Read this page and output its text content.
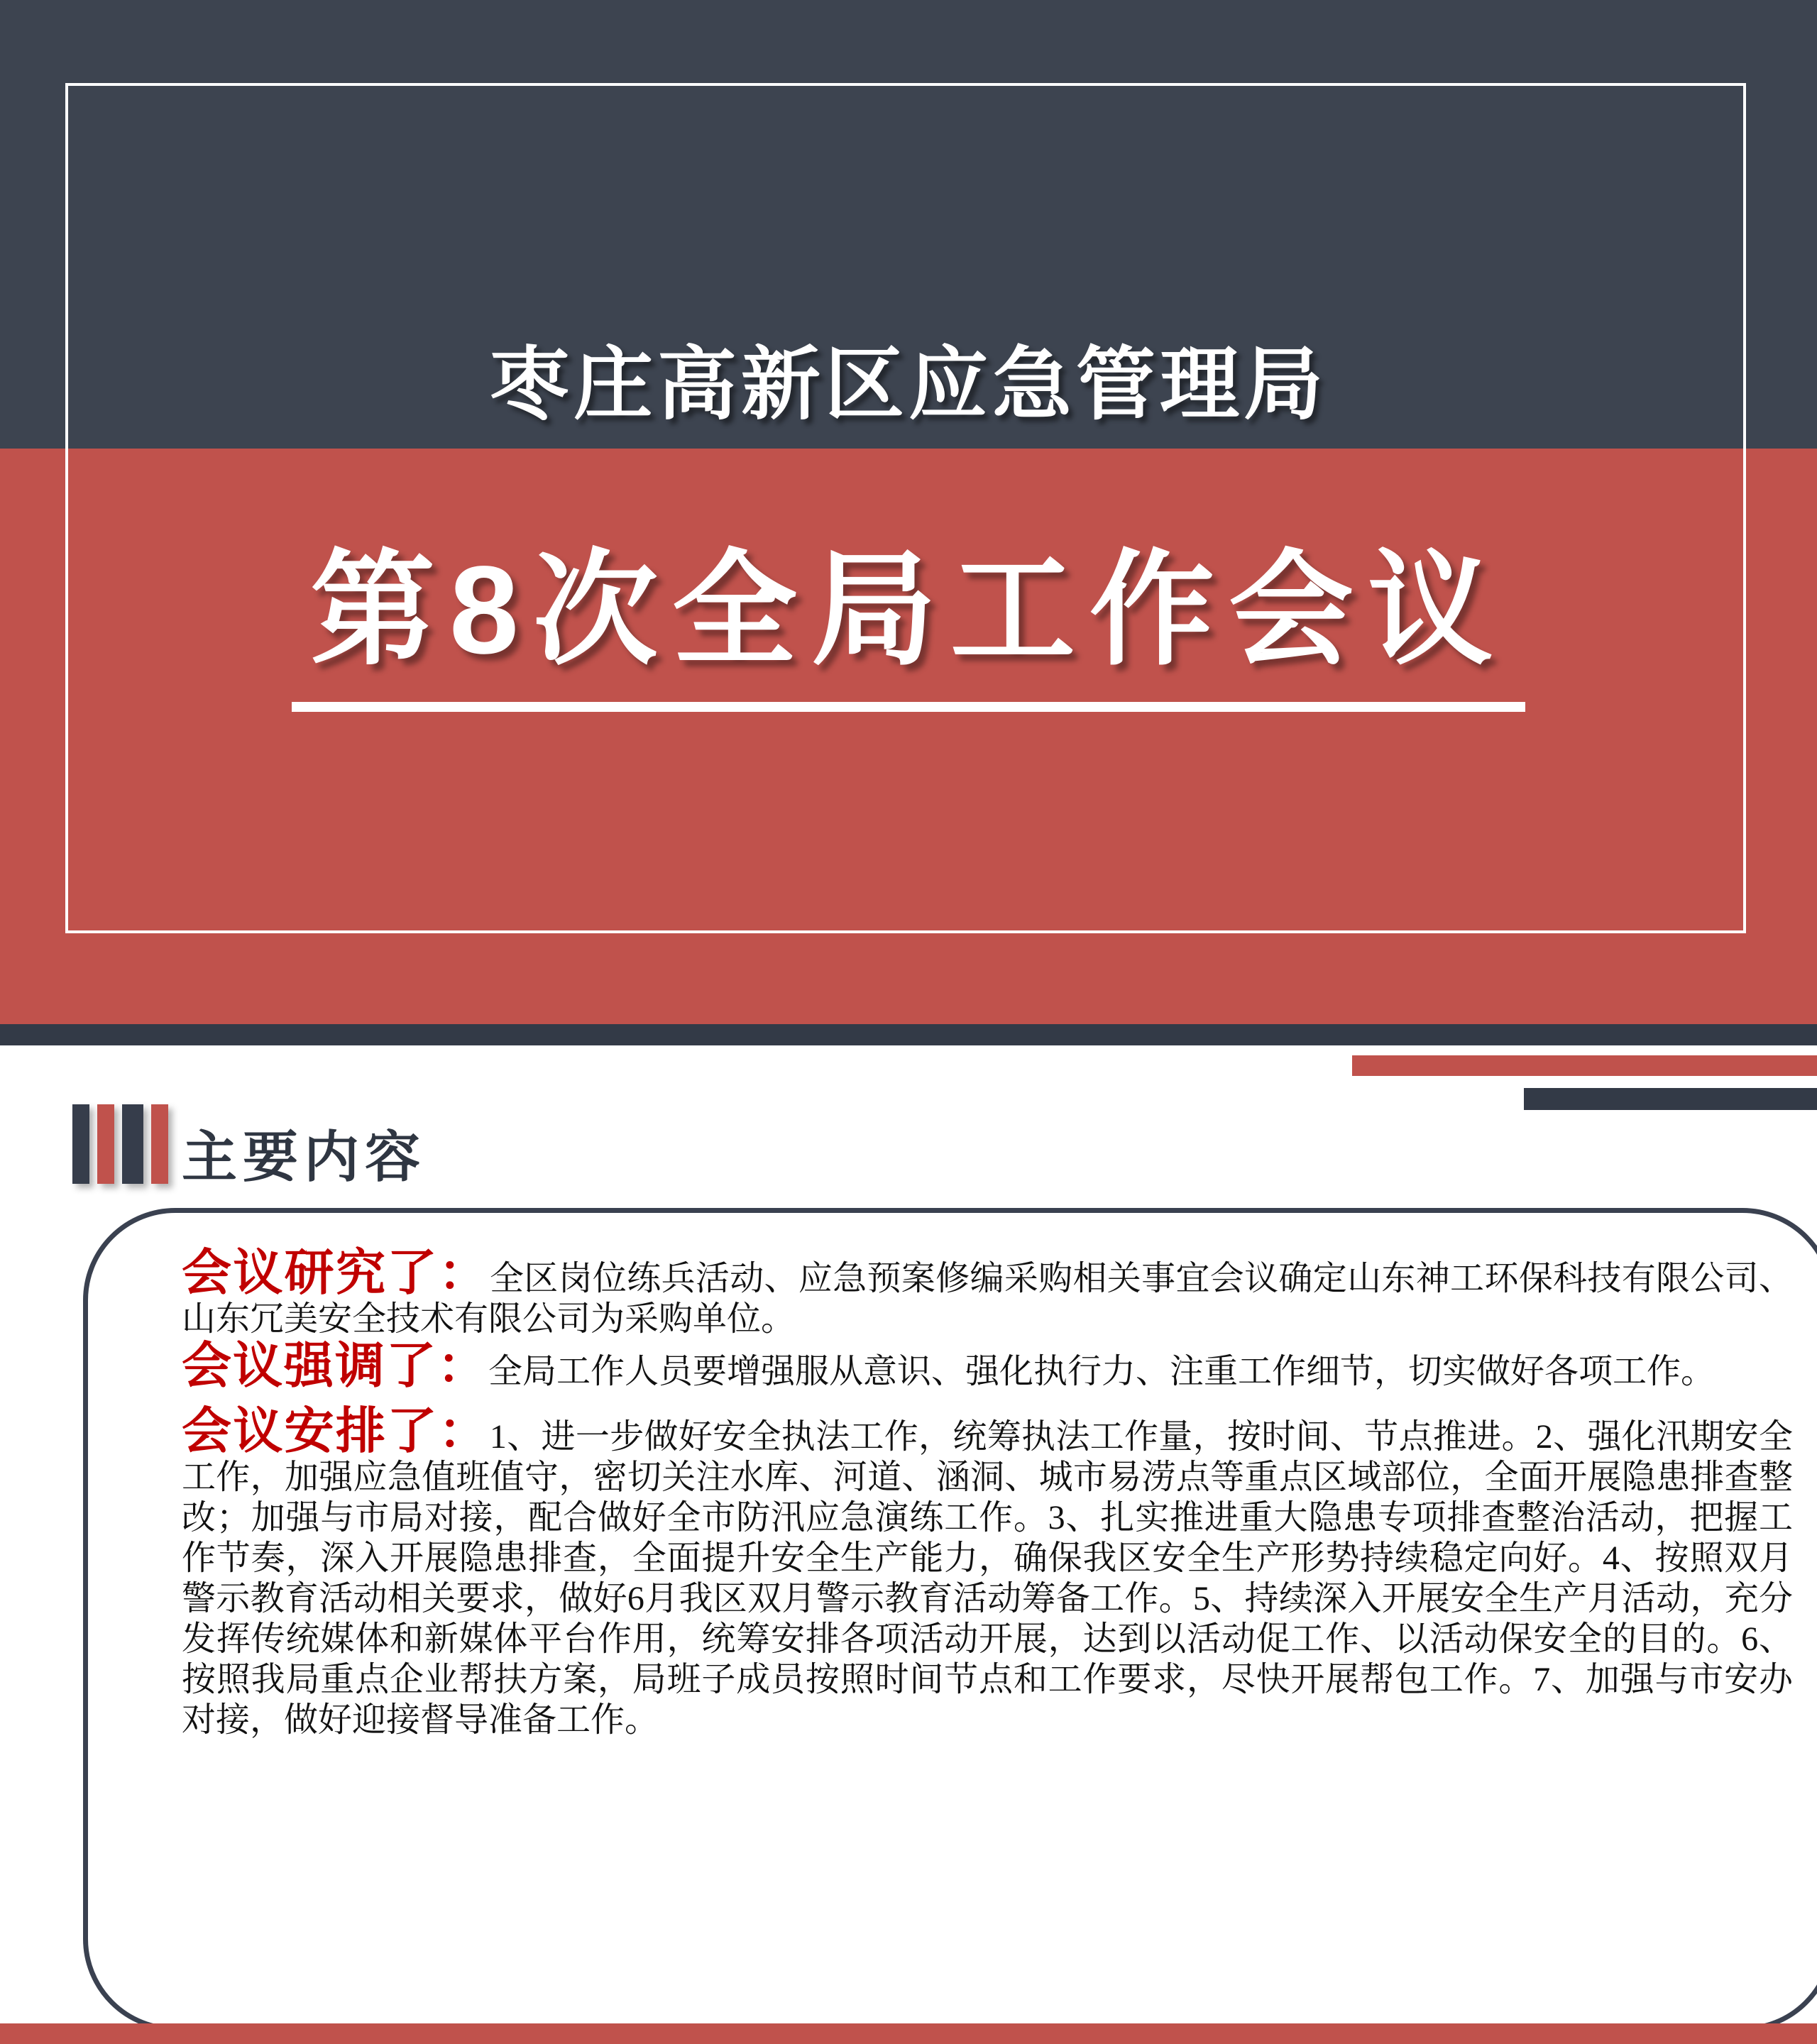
枣庄高新区应急管理局
第8次全局工作会议
主要内容

会议研究了：全区岗位练兵活动、应急预案修编采购相关事宜会议确定山东神工环保科技有限公司、山东冗美安全技术有限公司为采购单位。

会议强调了：全局工作人员要增强服从意识、强化执行力、注重工作细节，切实做好各项工作。

会议安排了：1、进一步做好安全执法工作，统筹执法工作量，按时间、节点推进。2、强化汛期安全工作，加强应急值班值守，密切关注水库、河道、涵洞、城市易涝点等重点区域部位，全面开展隐患排查整改；加强与市局对接，配合做好全市防汛应急演练工作。3、扎实推进重大隐患专项排查整治活动，把握工作节奏，深入开展隐患排查，全面提升安全生产能力，确保我区安全生产形势持续稳定向好。4、按照双月警示教育活动相关要求，做好6月我区双月警示教育活动筹备工作。5、持续深入开展安全生产月活动，充分发挥传统媒体和新媒体平台作用，统筹安排各项活动开展，达到以活动促工作、以活动保安全的目的。6、按照我局重点企业帮扶方案，局班子成员按照时间节点和工作要求，尽快开展帮包工作。7、加强与市安办对接，做好迎接督导准备工作。
